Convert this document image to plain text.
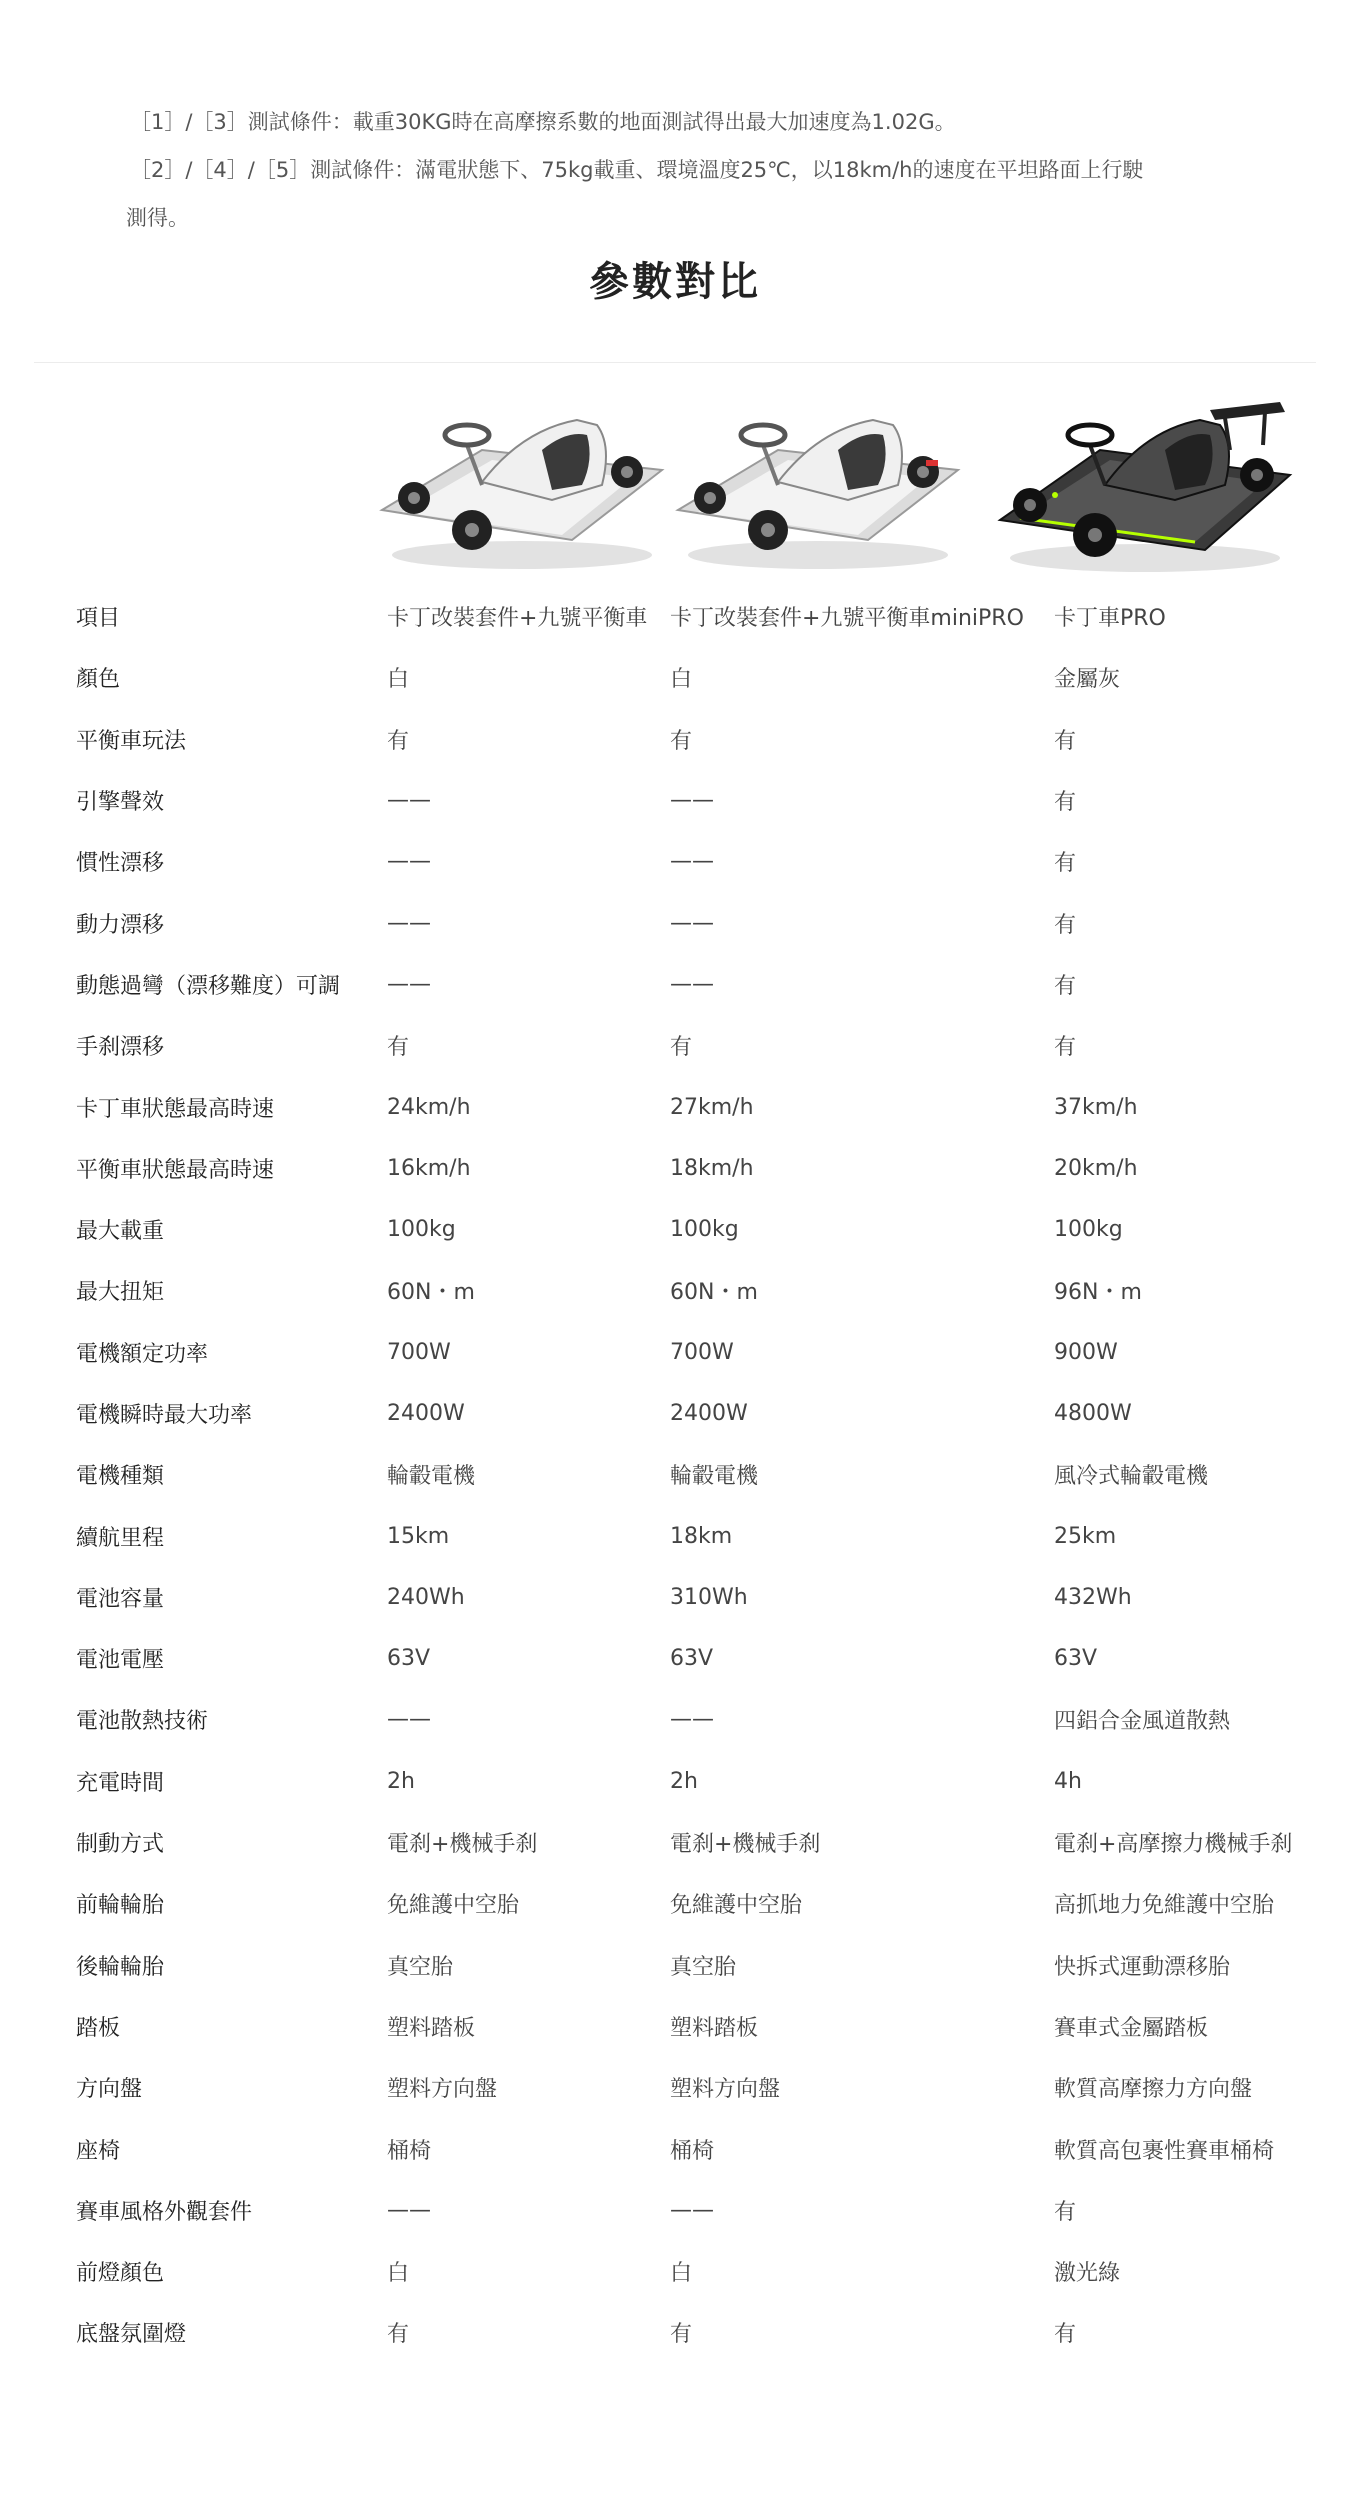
［1］/［3］測試條件：載重30KG時在高摩擦系數的地面測試得出最大加速度為1.02G。

［2］/［4］/［5］測試條件：滿電狀態下、75kg載重、環境溫度25℃，以18km/h的速度在平坦路面上行駛

測得。

參數對比
項目	卡丁改裝套件+九號平衡車	卡丁改裝套件+九號平衡車miniPRO	卡丁車PRO
顏色	白	白	金屬灰
平衡車玩法	有	有	有
引擎聲效	——	——	有
慣性漂移	——	——	有
動力漂移	——	——	有
動態過彎（漂移難度）可調	——	——	有
手刹漂移	有	有	有
卡丁車狀態最高時速	24km/h	27km/h	37km/h
平衡車狀態最高時速	16km/h	18km/h	20km/h
最大載重	100kg	100kg	100kg
最大扭矩	60N・m	60N・m	96N・m
電機額定功率	700W	700W	900W
電機瞬時最大功率	2400W	2400W	4800W
電機種類	輪轂電機	輪轂電機	風冷式輪轂電機
續航里程	15km	18km	25km
電池容量	240Wh	310Wh	432Wh
電池電壓	63V	63V	63V
電池散熱技術	——	——	四鋁合金風道散熱
充電時間	2h	2h	4h
制動方式	電刹+機械手刹	電刹+機械手刹	電刹+高摩擦力機械手刹
前輪輪胎	免維護中空胎	免維護中空胎	高抓地力免維護中空胎
後輪輪胎	真空胎	真空胎	快拆式運動漂移胎
踏板	塑料踏板	塑料踏板	賽車式金屬踏板
方向盤	塑料方向盤	塑料方向盤	軟質高摩擦力方向盤
座椅	桶椅	桶椅	軟質高包裹性賽車桶椅
賽車風格外觀套件	——	——	有
前燈顏色	白	白	激光綠
底盤氛圍燈	有	有	有
